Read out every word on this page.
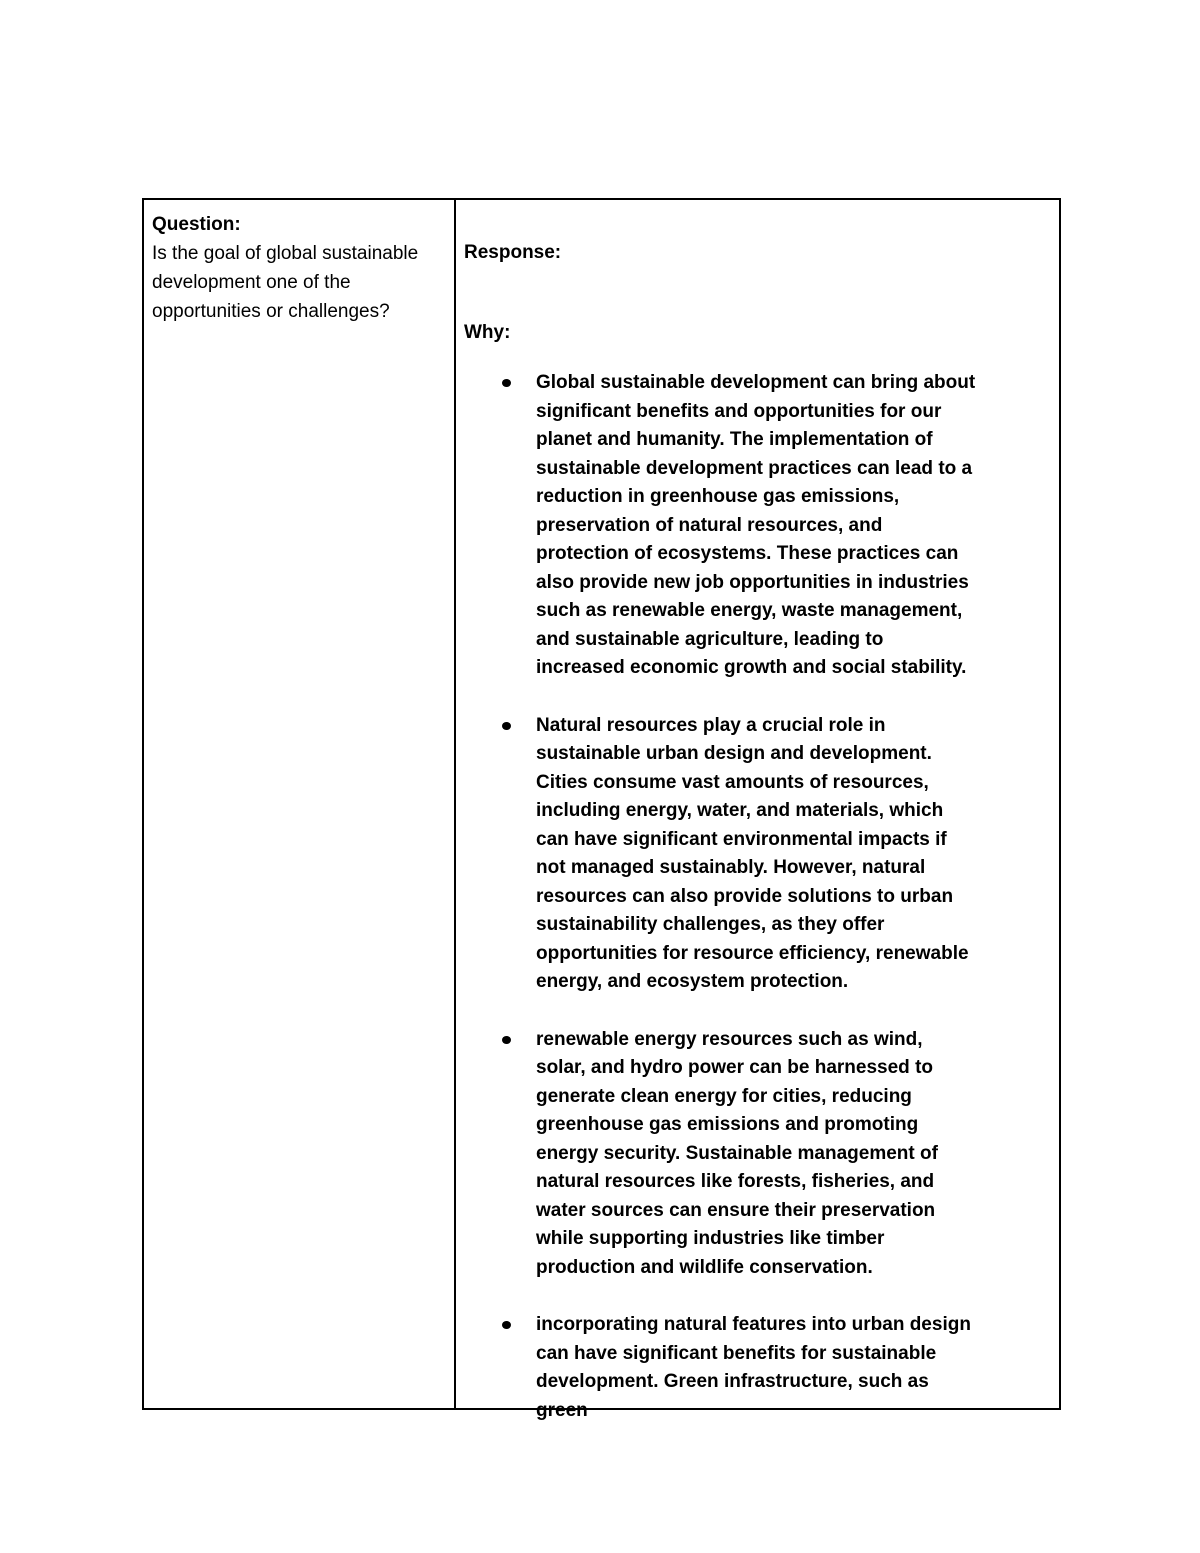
Question:
Is the goal of global sustainable development one of the opportunities or challenges?
Response:
Why:
Global sustainable development can bring about significant benefits and opportunities for our planet and humanity. The implementation of sustainable development practices can lead to a reduction in greenhouse gas emissions, preservation of natural resources, and protection of ecosystems. These practices can also provide new job opportunities in industries such as renewable energy, waste management, and sustainable agriculture, leading to increased economic growth and social stability.
Natural resources play a crucial role in sustainable urban design and development. Cities consume vast amounts of resources, including energy, water, and materials, which can have significant environmental impacts if not managed sustainably. However, natural resources can also provide solutions to urban sustainability challenges, as they offer opportunities for resource efficiency, renewable energy, and ecosystem protection.
renewable energy resources such as wind, solar, and hydro power can be harnessed to generate clean energy for cities, reducing greenhouse gas emissions and promoting energy security. Sustainable management of natural resources like forests, fisheries, and water sources can ensure their preservation while supporting industries like timber production and wildlife conservation.
incorporating natural features into urban design can have significant benefits for sustainable development. Green infrastructure, such as green
